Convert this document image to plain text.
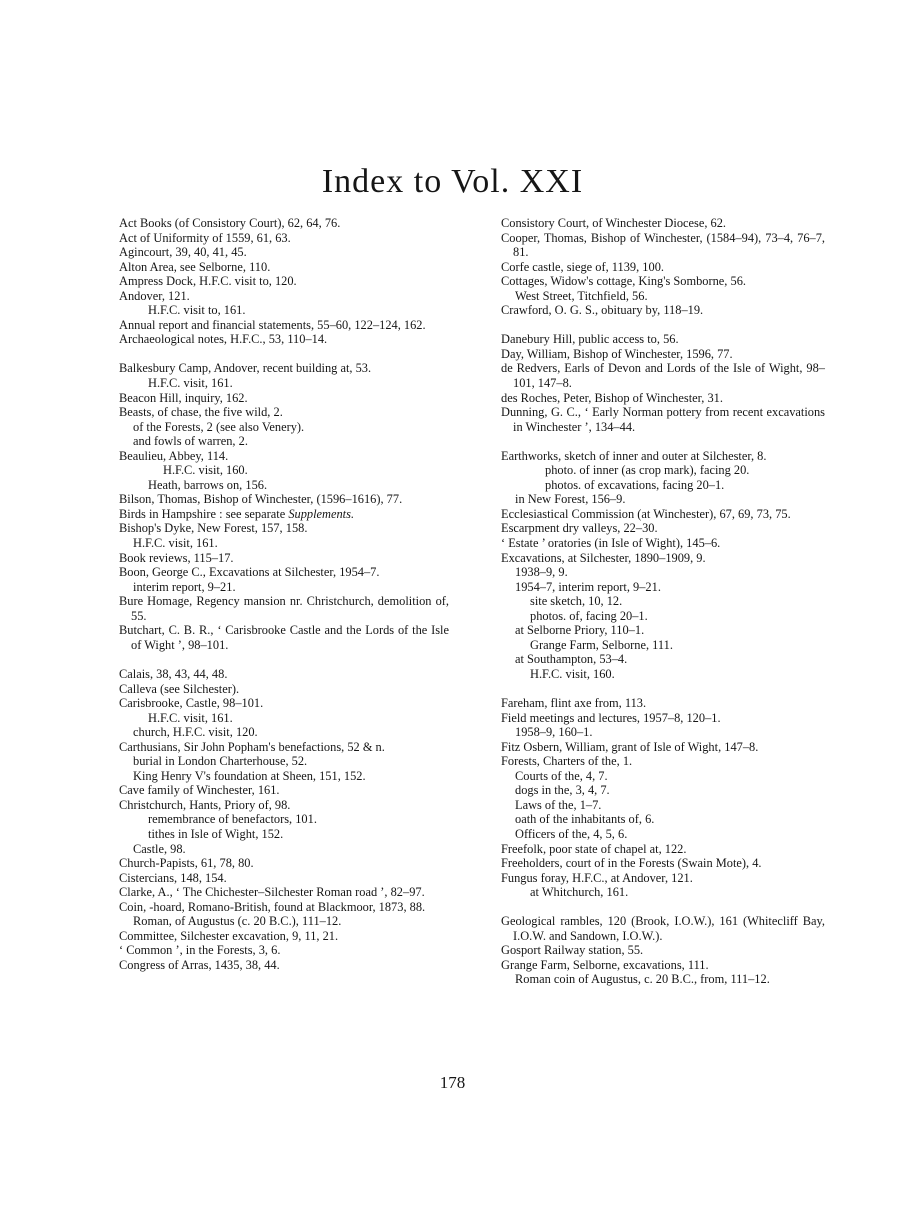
Index to Vol. XXI
Act Books (of Consistory Court), 62, 64, 76.
Act of Uniformity of 1559, 61, 63.
Agincourt, 39, 40, 41, 45.
Alton Area, see Selborne, 110.
Ampress Dock, H.F.C. visit to, 120.
Andover, 121.
H.F.C. visit to, 161.
Annual report and financial statements, 55–60, 122–124, 162.
Archaeological notes, H.F.C., 53, 110–14.
Balkesbury Camp, Andover, recent building at, 53.
H.F.C. visit, 161.
Beacon Hill, inquiry, 162.
Beasts, of chase, the five wild, 2.
of the Forests, 2 (see also Venery).
and fowls of warren, 2.
Beaulieu, Abbey, 114.
H.F.C. visit, 160.
Heath, barrows on, 156.
Bilson, Thomas, Bishop of Winchester, (1596–1616), 77.
Birds in Hampshire : see separate Supplements.
Bishop's Dyke, New Forest, 157, 158.
H.F.C. visit, 161.
Book reviews, 115–17.
Boon, George C., Excavations at Silchester, 1954–7.
interim report, 9–21.
Bure Homage, Regency mansion nr. Christchurch, demolition of, 55.
Butchart, C. B. R., ‘ Carisbrooke Castle and the Lords of the Isle of Wight ’, 98–101.
Calais, 38, 43, 44, 48.
Calleva (see Silchester).
Carisbrooke, Castle, 98–101.
H.F.C. visit, 161.
church, H.F.C. visit, 120.
Carthusians, Sir John Popham's benefactions, 52 & n.
burial in London Charterhouse, 52.
King Henry V's foundation at Sheen, 151, 152.
Cave family of Winchester, 161.
Christchurch, Hants, Priory of, 98.
remembrance of benefactors, 101.
tithes in Isle of Wight, 152.
Castle, 98.
Church-Papists, 61, 78, 80.
Cistercians, 148, 154.
Clarke, A., ‘ The Chichester–Silchester Roman road ’, 82–97.
Coin, -hoard, Romano-British, found at Blackmoor, 1873, 88.
Roman, of Augustus (c. 20 B.C.), 111–12.
Committee, Silchester excavation, 9, 11, 21.
‘ Common ’, in the Forests, 3, 6.
Congress of Arras, 1435, 38, 44.
Consistory Court, of Winchester Diocese, 62.
Cooper, Thomas, Bishop of Winchester, (1584–94), 73–4, 76–7, 81.
Corfe castle, siege of, 1139, 100.
Cottages, Widow's cottage, King's Somborne, 56.
West Street, Titchfield, 56.
Crawford, O. G. S., obituary by, 118–19.
Danebury Hill, public access to, 56.
Day, William, Bishop of Winchester, 1596, 77.
de Redvers, Earls of Devon and Lords of the Isle of Wight, 98–101, 147–8.
des Roches, Peter, Bishop of Winchester, 31.
Dunning, G. C., ‘ Early Norman pottery from recent excavations in Winchester ’, 134–44.
Earthworks, sketch of inner and outer at Silchester, 8.
photo. of inner (as crop mark), facing 20.
photos. of excavations, facing 20–1.
in New Forest, 156–9.
Ecclesiastical Commission (at Winchester), 67, 69, 73, 75.
Escarpment dry valleys, 22–30.
‘ Estate ’ oratories (in Isle of Wight), 145–6.
Excavations, at Silchester, 1890–1909, 9.
1938–9, 9.
1954–7, interim report, 9–21.
site sketch, 10, 12.
photos. of, facing 20–1.
at Selborne Priory, 110–1.
Grange Farm, Selborne, 111.
at Southampton, 53–4.
H.F.C. visit, 160.
Fareham, flint axe from, 113.
Field meetings and lectures, 1957–8, 120–1.
1958–9, 160–1.
Fitz Osbern, William, grant of Isle of Wight, 147–8.
Forests, Charters of the, 1.
Courts of the, 4, 7.
dogs in the, 3, 4, 7.
Laws of the, 1–7.
oath of the inhabitants of, 6.
Officers of the, 4, 5, 6.
Freefolk, poor state of chapel at, 122.
Freeholders, court of in the Forests (Swain Mote), 4.
Fungus foray, H.F.C., at Andover, 121.
at Whitchurch, 161.
Geological rambles, 120 (Brook, I.O.W.), 161 (Whitecliff Bay, I.O.W. and Sandown, I.O.W.).
Gosport Railway station, 55.
Grange Farm, Selborne, excavations, 111.
Roman coin of Augustus, c. 20 B.C., from, 111–12.
178
